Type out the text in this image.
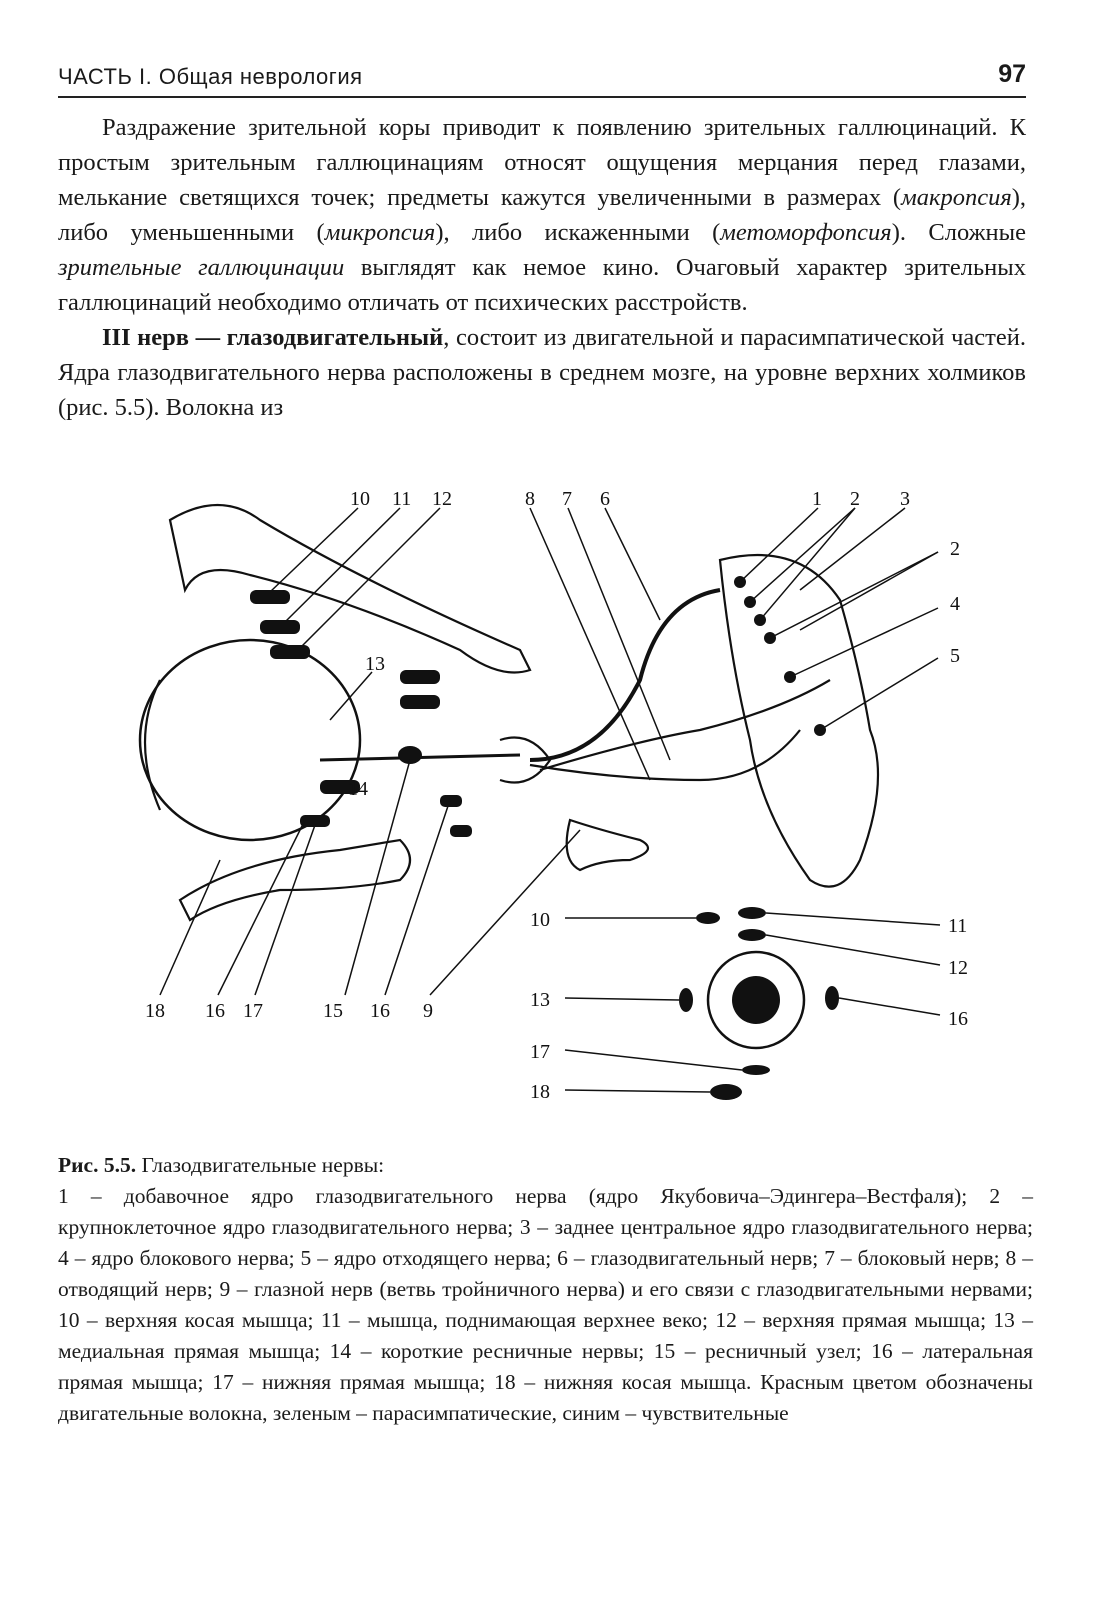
ЧАСТЬ I. Общая неврология	97

Раздражение зрительной коры приводит к появлению зрительных галлюцинаций. К простым зрительным галлюцинациям относят ощущения мерцания перед глазами, мелькание светящихся точек; предметы кажутся увеличенными в размерах (макропсия), либо уменьшенными (микропсия), либо искаженными (метоморфопсия). Сложные зрительные галлюцинации выглядят как немое кино. Очаговый характер зрительных галлюцинаций необходимо отличать от психических расстройств.

III нерв — глазодвигательный, состоит из двигательной и парасимпатической частей. Ядра глазодвигательного нерва расположены в среднем мозге, на уровне верхних холмиков (рис. 5.5). Волокна из

10 11 12	8 7 6	1 2 3
2
4
5
13
14
18 16 17	15 16 9
10
13
17
18
11
12
16
Рис. 5.5. Глазодвигательные нервы:
1 – добавочное ядро глазодвигательного нерва (ядро Якубовича–Эдингера–Вестфаля); 2 – крупноклеточное ядро глазодвигательного нерва; 3 – заднее центральное ядро глазодвигательного нерва; 4 – ядро блокового нерва; 5 – ядро отходящего нерва; 6 – глазодвигательный нерв; 7 – блоковый нерв; 8 – отводящий нерв; 9 – глазной нерв (ветвь тройничного нерва) и его связи с глазодвигательными нервами; 10 – верхняя косая мышца; 11 – мышца, поднимающая верхнее веко; 12 – верхняя прямая мышца; 13 – медиальная прямая мышца; 14 – короткие ресничные нервы; 15 – ресничный узел; 16 – латеральная прямая мышца; 17 – нижняя прямая мышца; 18 – нижняя косая мышца. Красным цветом обозначены двигательные волокна, зеленым – парасимпатические, синим – чувствительные
